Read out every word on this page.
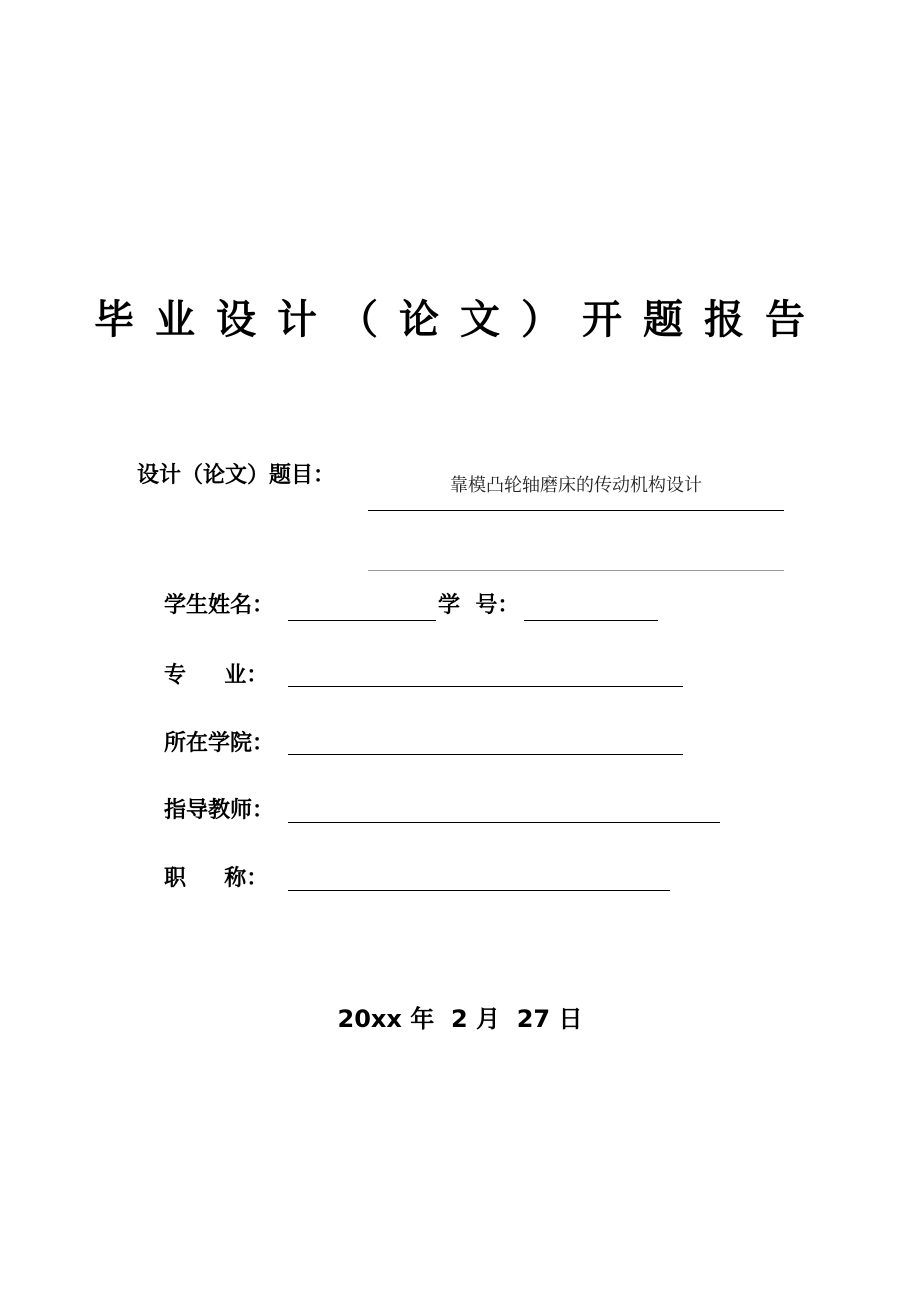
毕业设计（论文）开题报告
设计（论文）题目：	靠模凸轮轴磨床的传动机构设计
学生姓名：	学  号：
专     业：
所在学院：
指导教师：
职     称：
20xx 年  2 月  27 日
